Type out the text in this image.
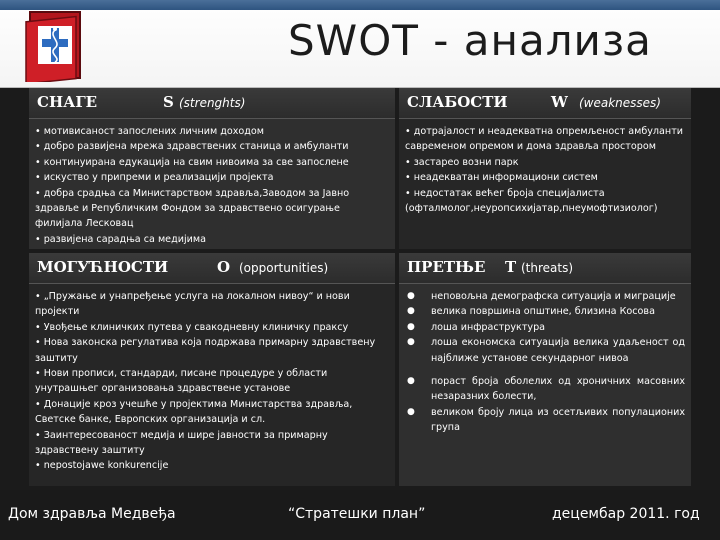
SWOT - анализа
СНАГЕ	S (strenghts)

• мотивисаност запослених личним доходом

• добро развијена мрежа здравствених станица и амбуланти

• континуирана едукација на свим нивоима за све запослене

• искуство у припреми и реализацији пројекта

• добра срадња са Министарством здравља,Заводом за Јавно здравље и Републичким Фондом за здравствено осигурање филијала Лесковац

• развијена сарадња са медијима

СЛАБОСТИ	W (weaknesses)

• дотрајалост и неадекватна опремљеност амбуланти савременом опремом и дома здравља простором

• застарео возни парк

• неадекватан информациони систем

• недостатак већег броја специјалиста (офталмолог,неуропсихијатар,пнеумофтизиолог)

МОГУЋНОСТИ	O (opportunities)

• „Пружање и унапређење услуга на локалном нивоу“ и нови пројекти

• Увођење клиничких путева у свакодневну клиничку праксу

• Нова законска регулатива која подржава примарну здравствену заштиту

• Нови прописи, стандарди, писане процедуре у области унутрашњег организовања здравствене установе

• Донације кроз учешће у пројектима Министарства здравља, Светске банке, Европских организација и сл.

• Заинтересованост медија и шире јавности за примарну здравствену заштиту

• nepostojawe konkurencije

ПРЕТЊЕ T (threats)
● неповољна демографска ситуација и миграције
● велика површина општине, близина Косова
● лоша инфраструктура
● лоша економска ситуација велика удаљеност од најближе установе секундарног нивоа
● пораст броја оболелих од хроничних масовних незаразних болести,
● великом броју лица из осетљивих популационих група
Дом здравља Медвеђа	“Стратешки план”	децембар 2011. год
